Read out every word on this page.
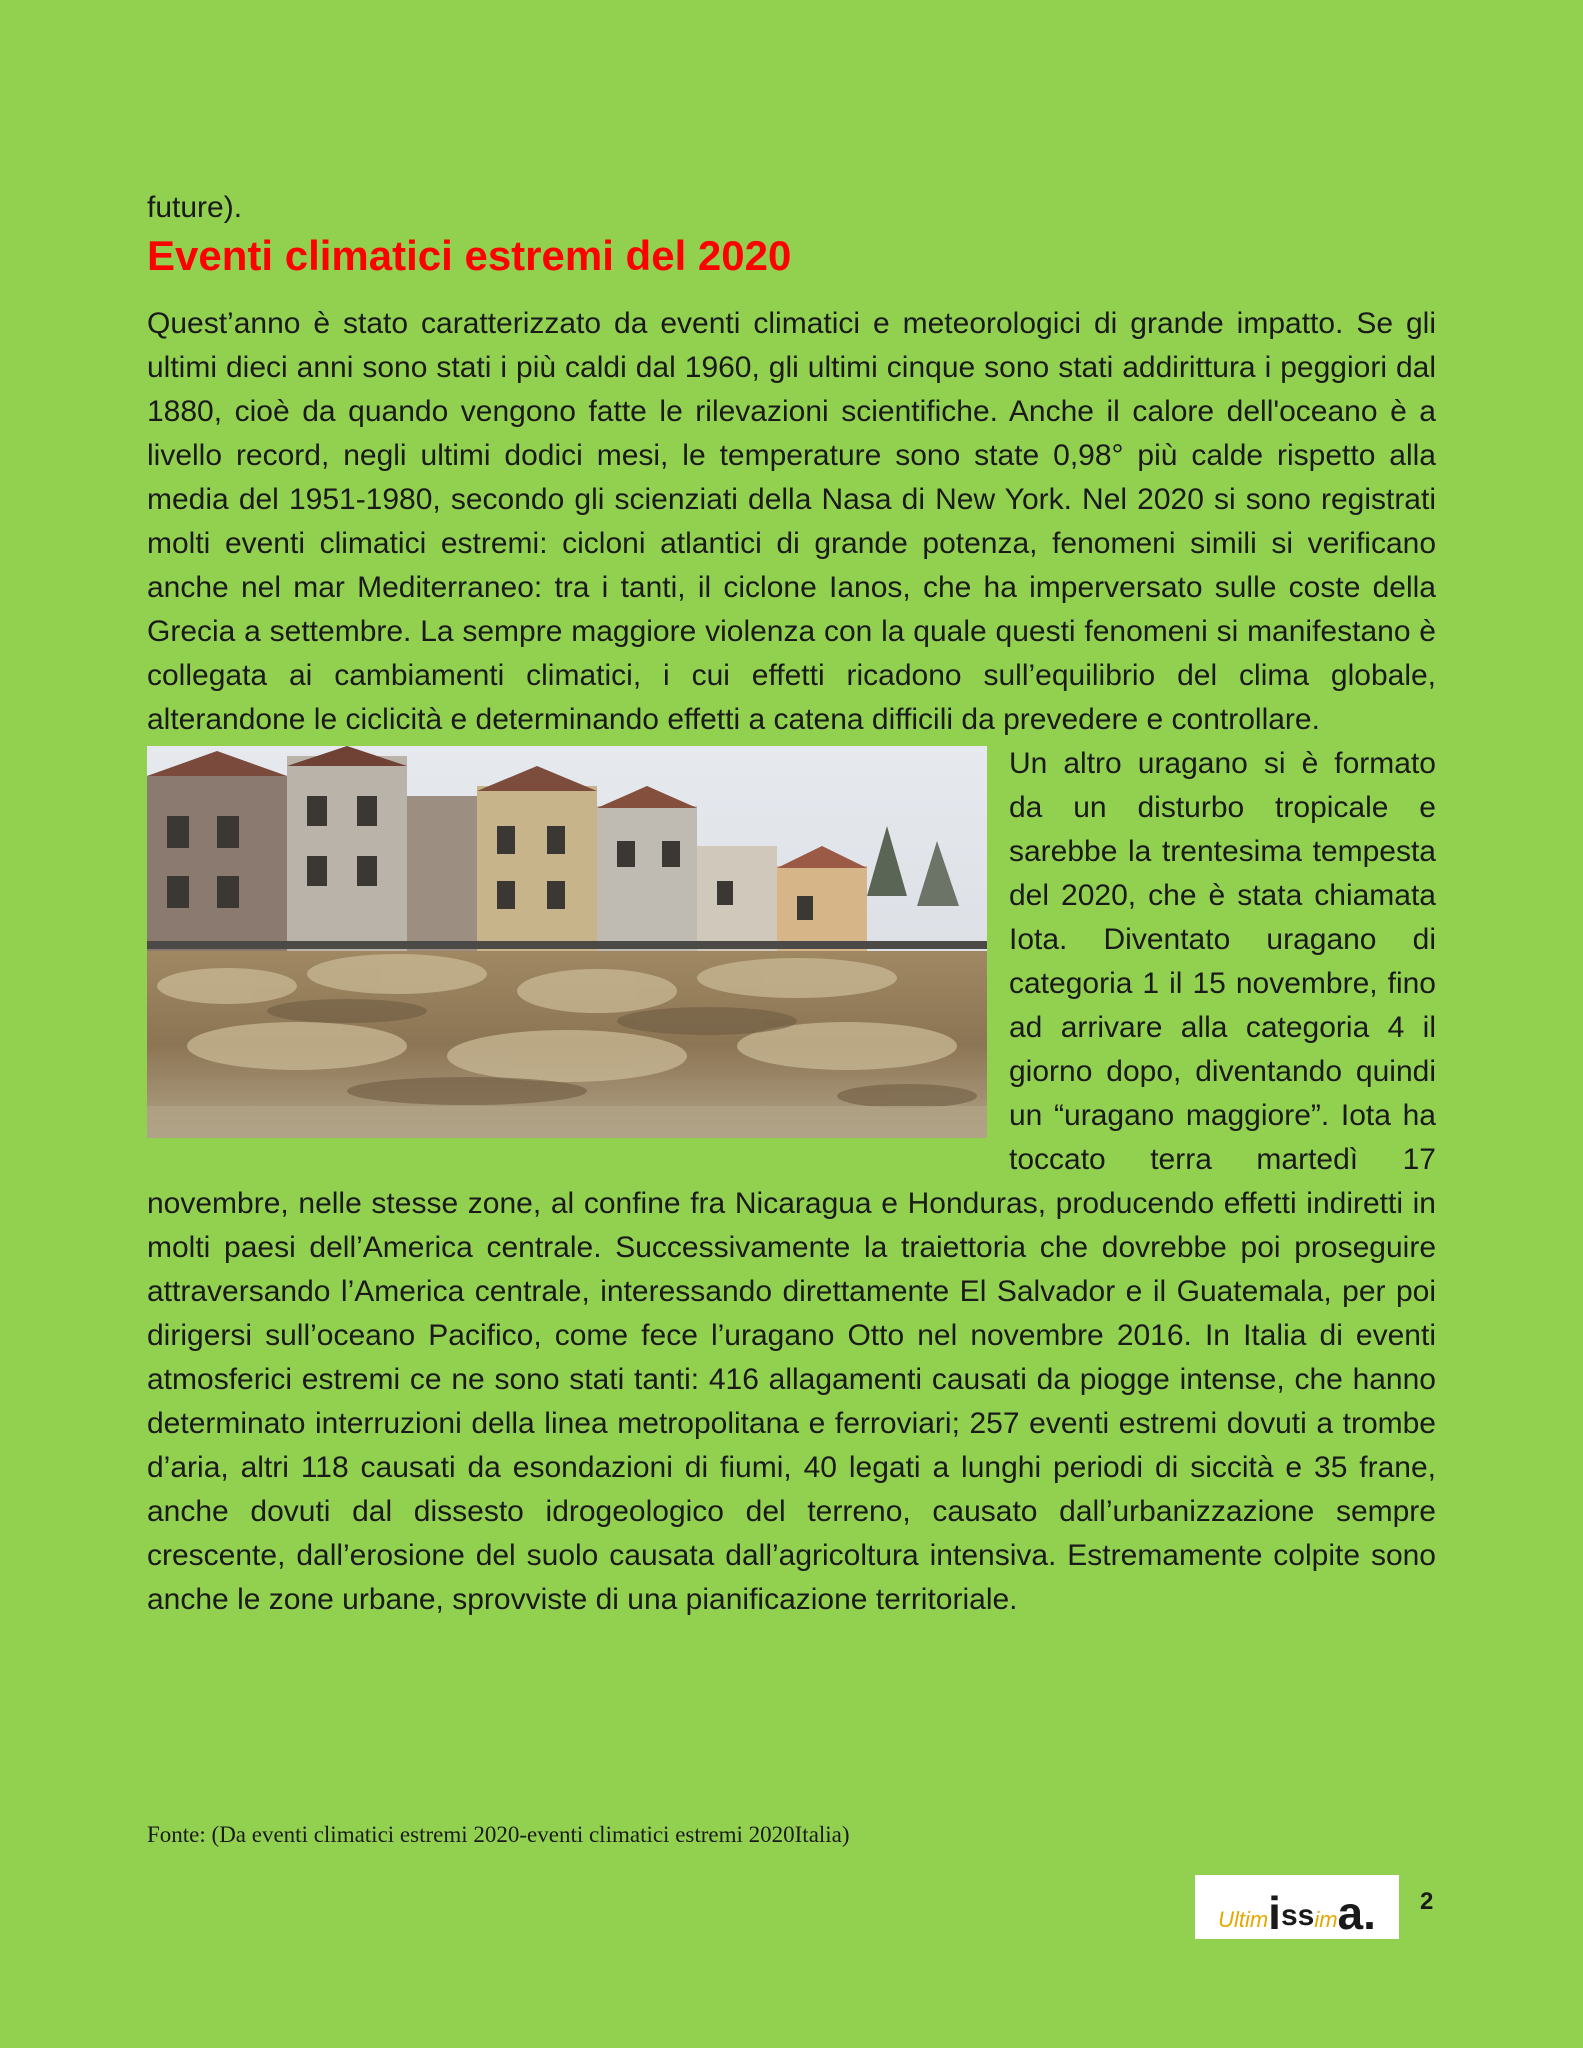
future).

Eventi climatici estremi del 2020

Quest’anno è stato caratterizzato da eventi climatici e meteorologici di grande impatto. Se gli ultimi dieci anni sono stati i più caldi dal 1960, gli ultimi cinque sono stati addirittura i peggiori dal 1880, cioè da quando vengono fatte le rilevazioni scientifiche. Anche il calore dell'oceano è a livello record, negli ultimi dodici mesi, le temperature sono state 0,98° più calde rispetto alla media del 1951-1980, secondo gli scienziati della Nasa di New York. Nel 2020 si sono registrati molti eventi climatici estremi: cicloni atlantici di grande potenza, fenomeni simili si verificano anche nel mar Mediterraneo: tra i tanti, il ciclone Ianos, che ha imperversato sulle coste della Grecia a settembre. La sempre maggiore violenza con la quale questi fenomeni si manifestano è collegata ai cambiamenti climatici, i cui effetti ricadono sull’equilibrio del clima globale, alterandone le ciclicità e determinando effetti a catena difficili da prevedere e controllare.

Un altro uragano si è formato da un disturbo tropicale e sarebbe la trentesima tempesta del 2020, che è stata chiamata Iota. Diventato uragano di categoria 1 il 15 novembre, fino ad arrivare alla categoria 4 il giorno dopo, diventando quindi un “uragano maggiore”. Iota ha toccato terra martedì 17 novembre, nelle stesse zone, al confine fra Nicaragua e Honduras, producendo effetti indiretti in molti paesi dell’America centrale. Successivamente la traiettoria che dovrebbe poi proseguire attraversando l’America centrale, interessando direttamente El Salvador e il Guatemala, per poi dirigersi sull’oceano Pacifico, come fece l’uragano Otto nel novembre 2016. In Italia di eventi atmosferici estremi ce ne sono stati tanti: 416 allagamenti causati da piogge intense, che hanno determinato interruzioni della linea metropolitana e ferroviari; 257 eventi estremi dovuti a trombe d’aria, altri 118 causati da esondazioni di fiumi, 40 legati a lunghi periodi di siccità e 35 frane, anche dovuti dal dissesto idrogeologico del terreno, causato dall’urbanizzazione sempre crescente, dall’erosione del suolo causata dall’agricoltura intensiva. Estremamente colpite sono anche le zone urbane, sprovviste di una pianificazione territoriale.

Fonte: (Da eventi climatici estremi 2020-eventi climatici estremi 2020Italia)
Ultim i ss im a. 2
